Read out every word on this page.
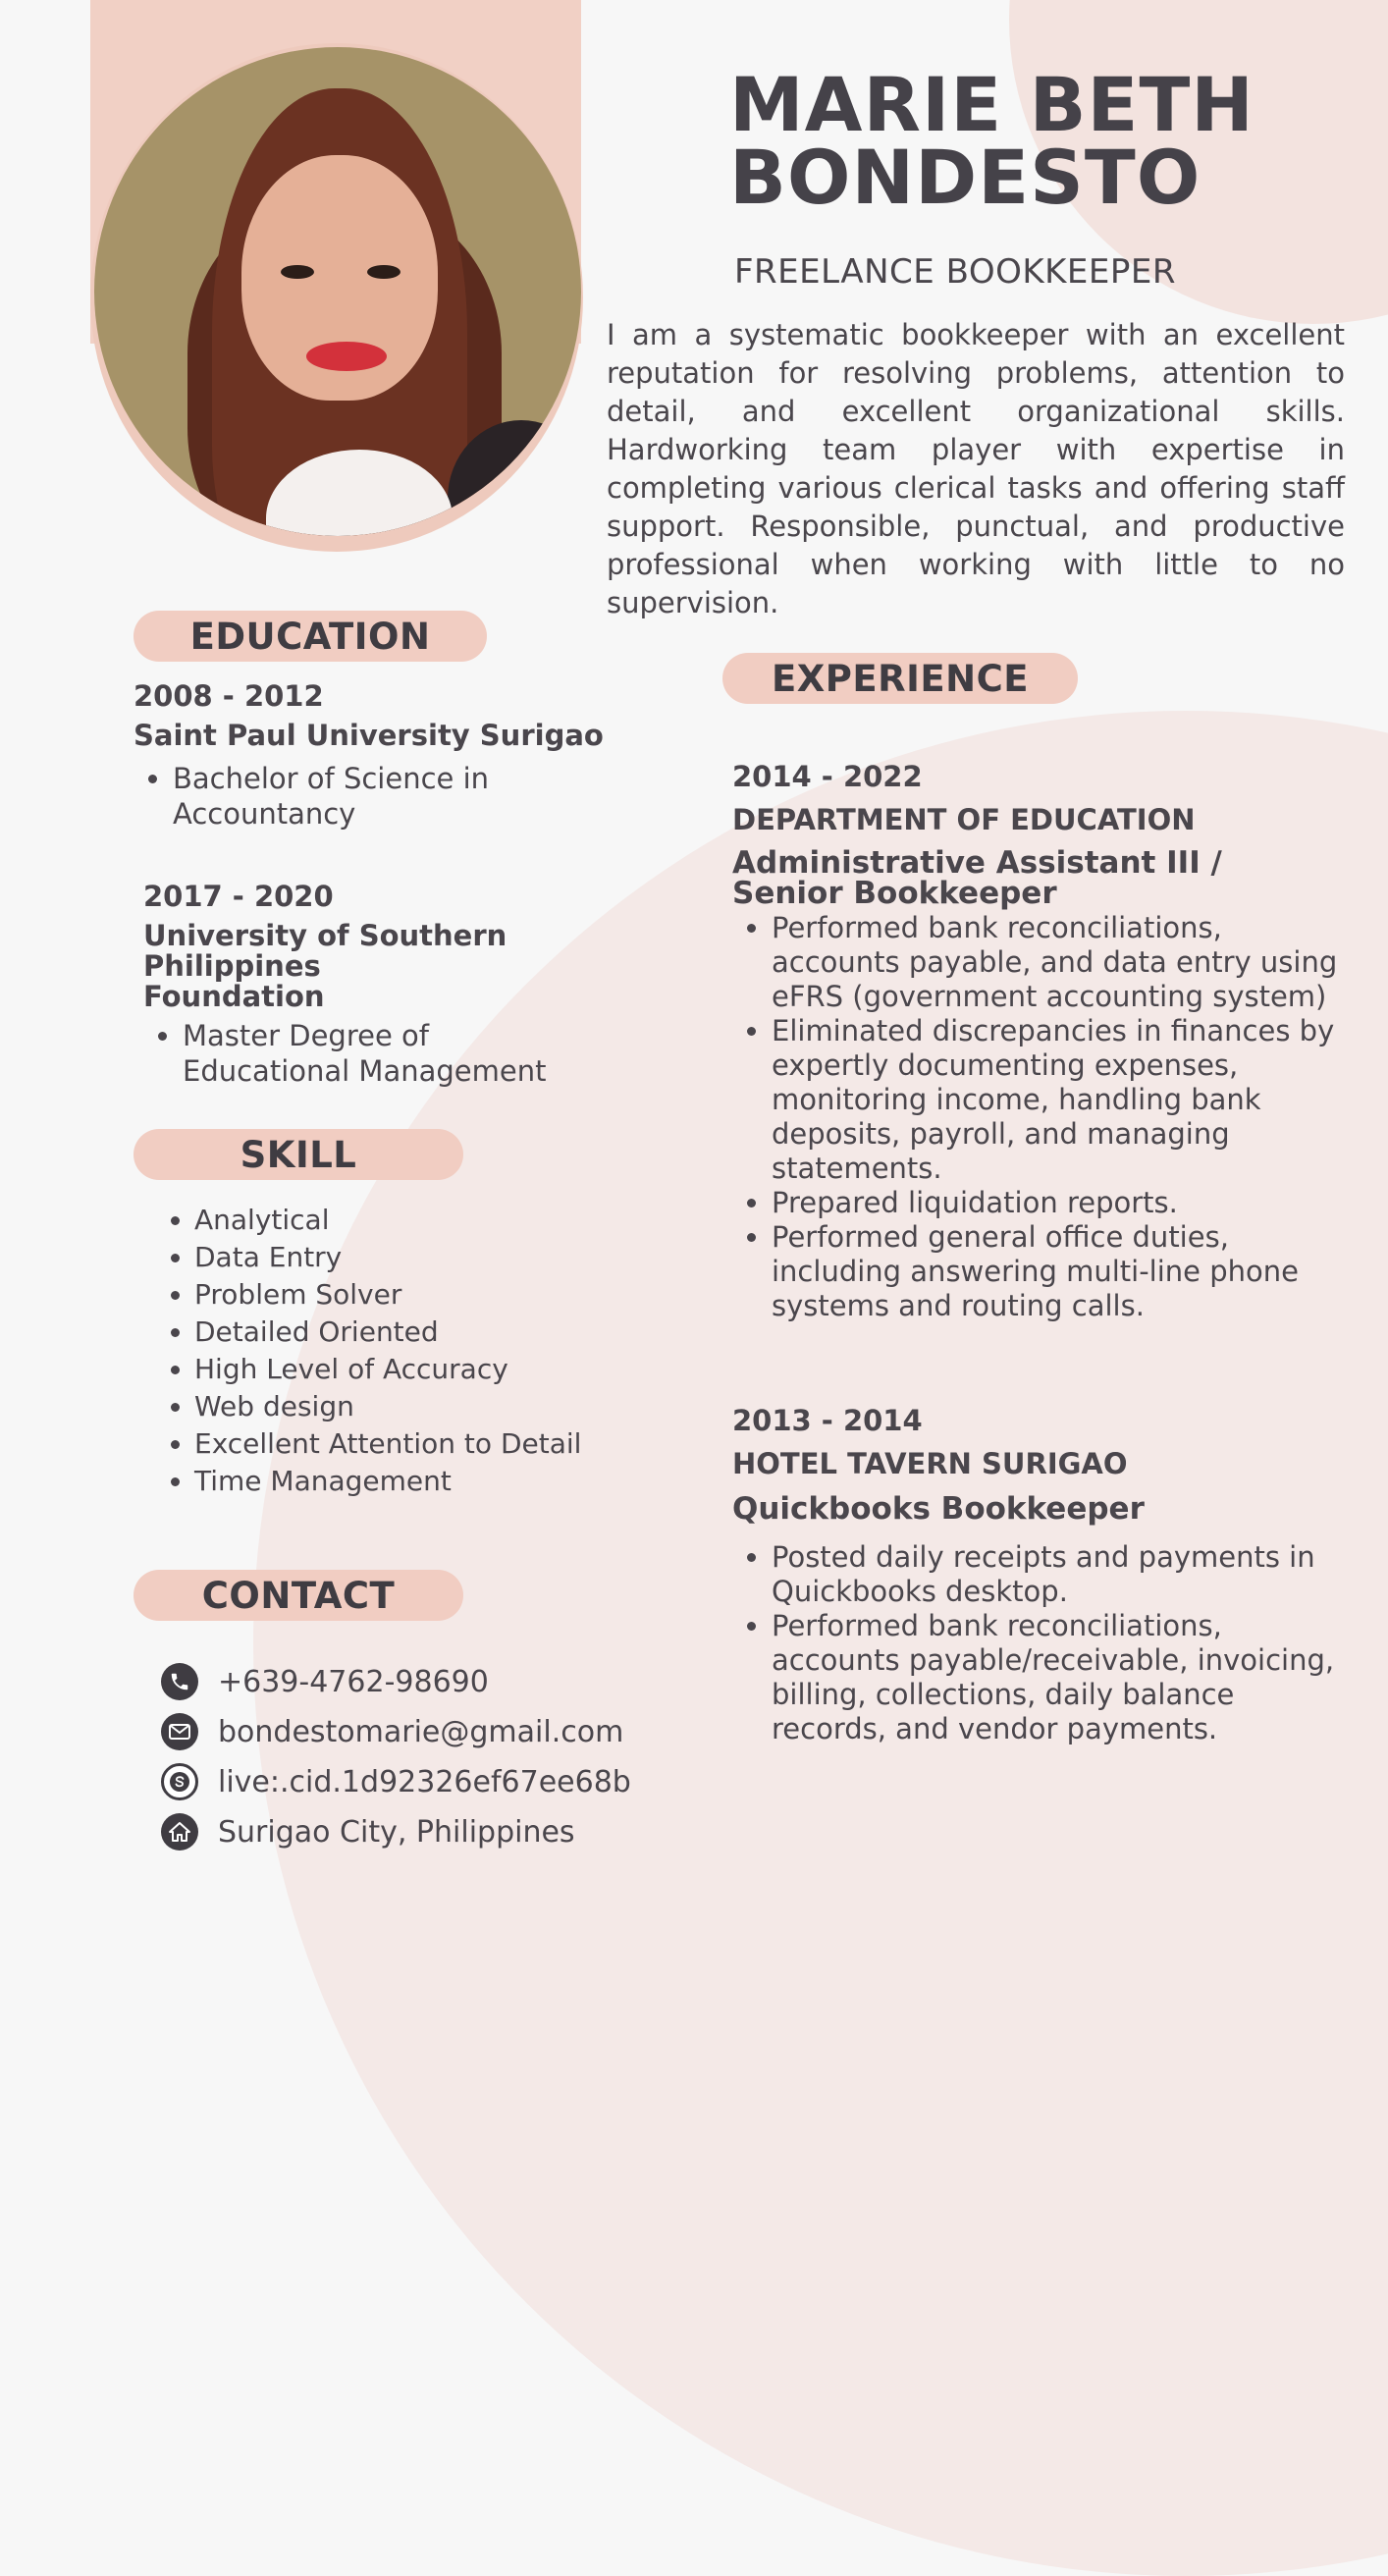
MARIE BETH
BONDESTO
FREELANCE BOOKKEEPER

I am a systematic bookkeeper with an excellent reputation for resolving problems, attention to detail, and excellent organizational skills. Hardworking team player with expertise in completing various clerical tasks and offering staff support. Responsible, punctual, and productive professional when working with little to no supervision.

EDUCATION
2008 - 2012
Saint Paul University Surigao
• Bachelor of Science in
Accountancy
2017 - 2020
University of Southern Philippines
Foundation
• Master Degree of
Educational Management
SKILL
• Analytical
• Data Entry
• Problem Solver
• Detailed Oriented
• High Level of Accuracy
• Web design
• Excellent Attention to Detail
• Time Management
CONTACT
+639-4762-98690
bondestomarie@gmail.com
live:.cid.1d92326ef67ee68b
Surigao City, Philippines
EXPERIENCE
2014 - 2022
DEPARTMENT OF EDUCATION
Administrative Assistant III /
Senior Bookkeeper
• Performed bank reconciliations, accounts payable, and data entry using eFRS (government accounting system)
• Eliminated discrepancies in finances by expertly documenting expenses, monitoring income, handling bank deposits, payroll, and managing statements.
• Prepared liquidation reports.
• Performed general office duties, including answering multi-line phone systems and routing calls.
2013 - 2014
HOTEL TAVERN SURIGAO
Quickbooks Bookkeeper
• Posted daily receipts and payments in Quickbooks desktop.
• Performed bank reconciliations, accounts payable/receivable, invoicing, billing, collections, daily balance records, and vendor payments.
